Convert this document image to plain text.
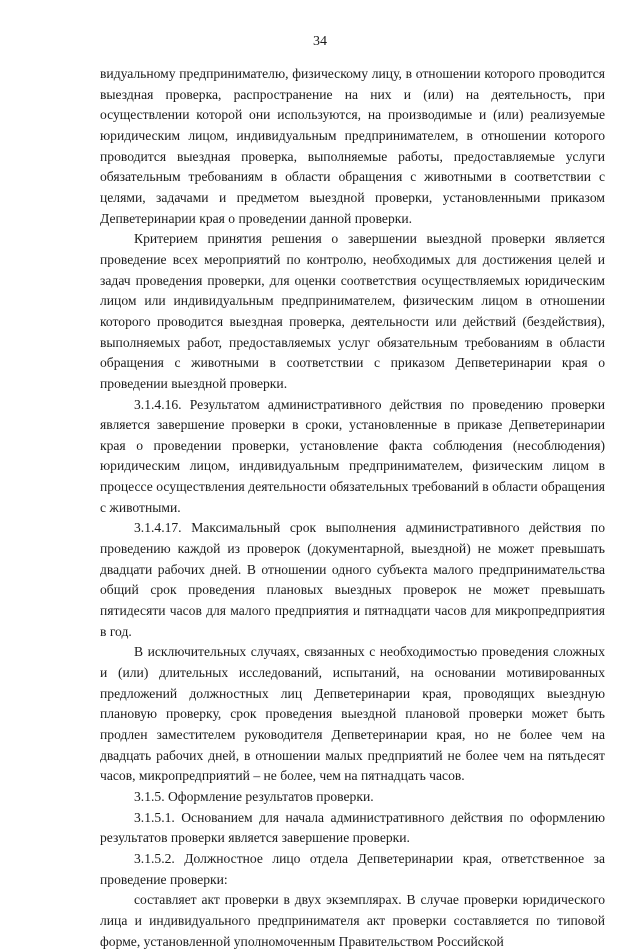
34

видуальному предпринимателю, физическому лицу, в отношении которого проводится выездная проверка, распространение на них и (или) на деятельность, при осуществлении которой они используются, на производимые и (или) реализуемые юридическим лицом, индивидуальным предпринимателем, в отношении которого проводится выездная проверка, выполняемые работы, предоставляемые услуги обязательным требованиям в области обращения с животными в соответствии с целями, задачами и предметом выездной проверки, установленными приказом Депветеринарии края о проведении данной проверки.

Критерием принятия решения о завершении выездной проверки является проведение всех мероприятий по контролю, необходимых для достижения целей и задач проведения проверки, для оценки соответствия осуществляемых юридическим лицом или индивидуальным предпринимателем, физическим лицом в отношении которого проводится выездная проверка, деятельности или действий (бездействия), выполняемых работ, предоставляемых услуг обязательным требованиям в области обращения с животными в соответствии с приказом Депветеринарии края о проведении выездной проверки.

3.1.4.16. Результатом административного действия по проведению проверки является завершение проверки в сроки, установленные в приказе Депветеринарии края о проведении проверки, установление факта соблюдения (несоблюдения) юридическим лицом, индивидуальным предпринимателем, физическим лицом в процессе осуществления деятельности обязательных требований в области обращения с животными.

3.1.4.17. Максимальный срок выполнения административного действия по проведению каждой из проверок (документарной, выездной) не может превышать двадцати рабочих дней. В отношении одного субъекта малого предпринимательства общий срок проведения плановых выездных проверок не может превышать пятидесяти часов для малого предприятия и пятнадцати часов для микропредприятия в год.

В исключительных случаях, связанных с необходимостью проведения сложных и (или) длительных исследований, испытаний, на основании мотивированных предложений должностных лиц Депветеринарии края, проводящих выездную плановую проверку, срок проведения выездной плановой проверки может быть продлен заместителем руководителя Депветеринарии края, но не более чем на двадцать рабочих дней, в отношении малых предприятий не более чем на пятьдесят часов, микропредприятий – не более, чем на пятнадцать часов.

3.1.5. Оформление результатов проверки.

3.1.5.1. Основанием для начала административного действия по оформлению результатов проверки является завершение проверки.

3.1.5.2. Должностное лицо отдела Депветеринарии края, ответственное за проведение проверки:

составляет акт проверки в двух экземплярах. В случае проверки юридического лица и индивидуального предпринимателя акт проверки составляется по типовой форме, установленной уполномоченным Правительством Российской
